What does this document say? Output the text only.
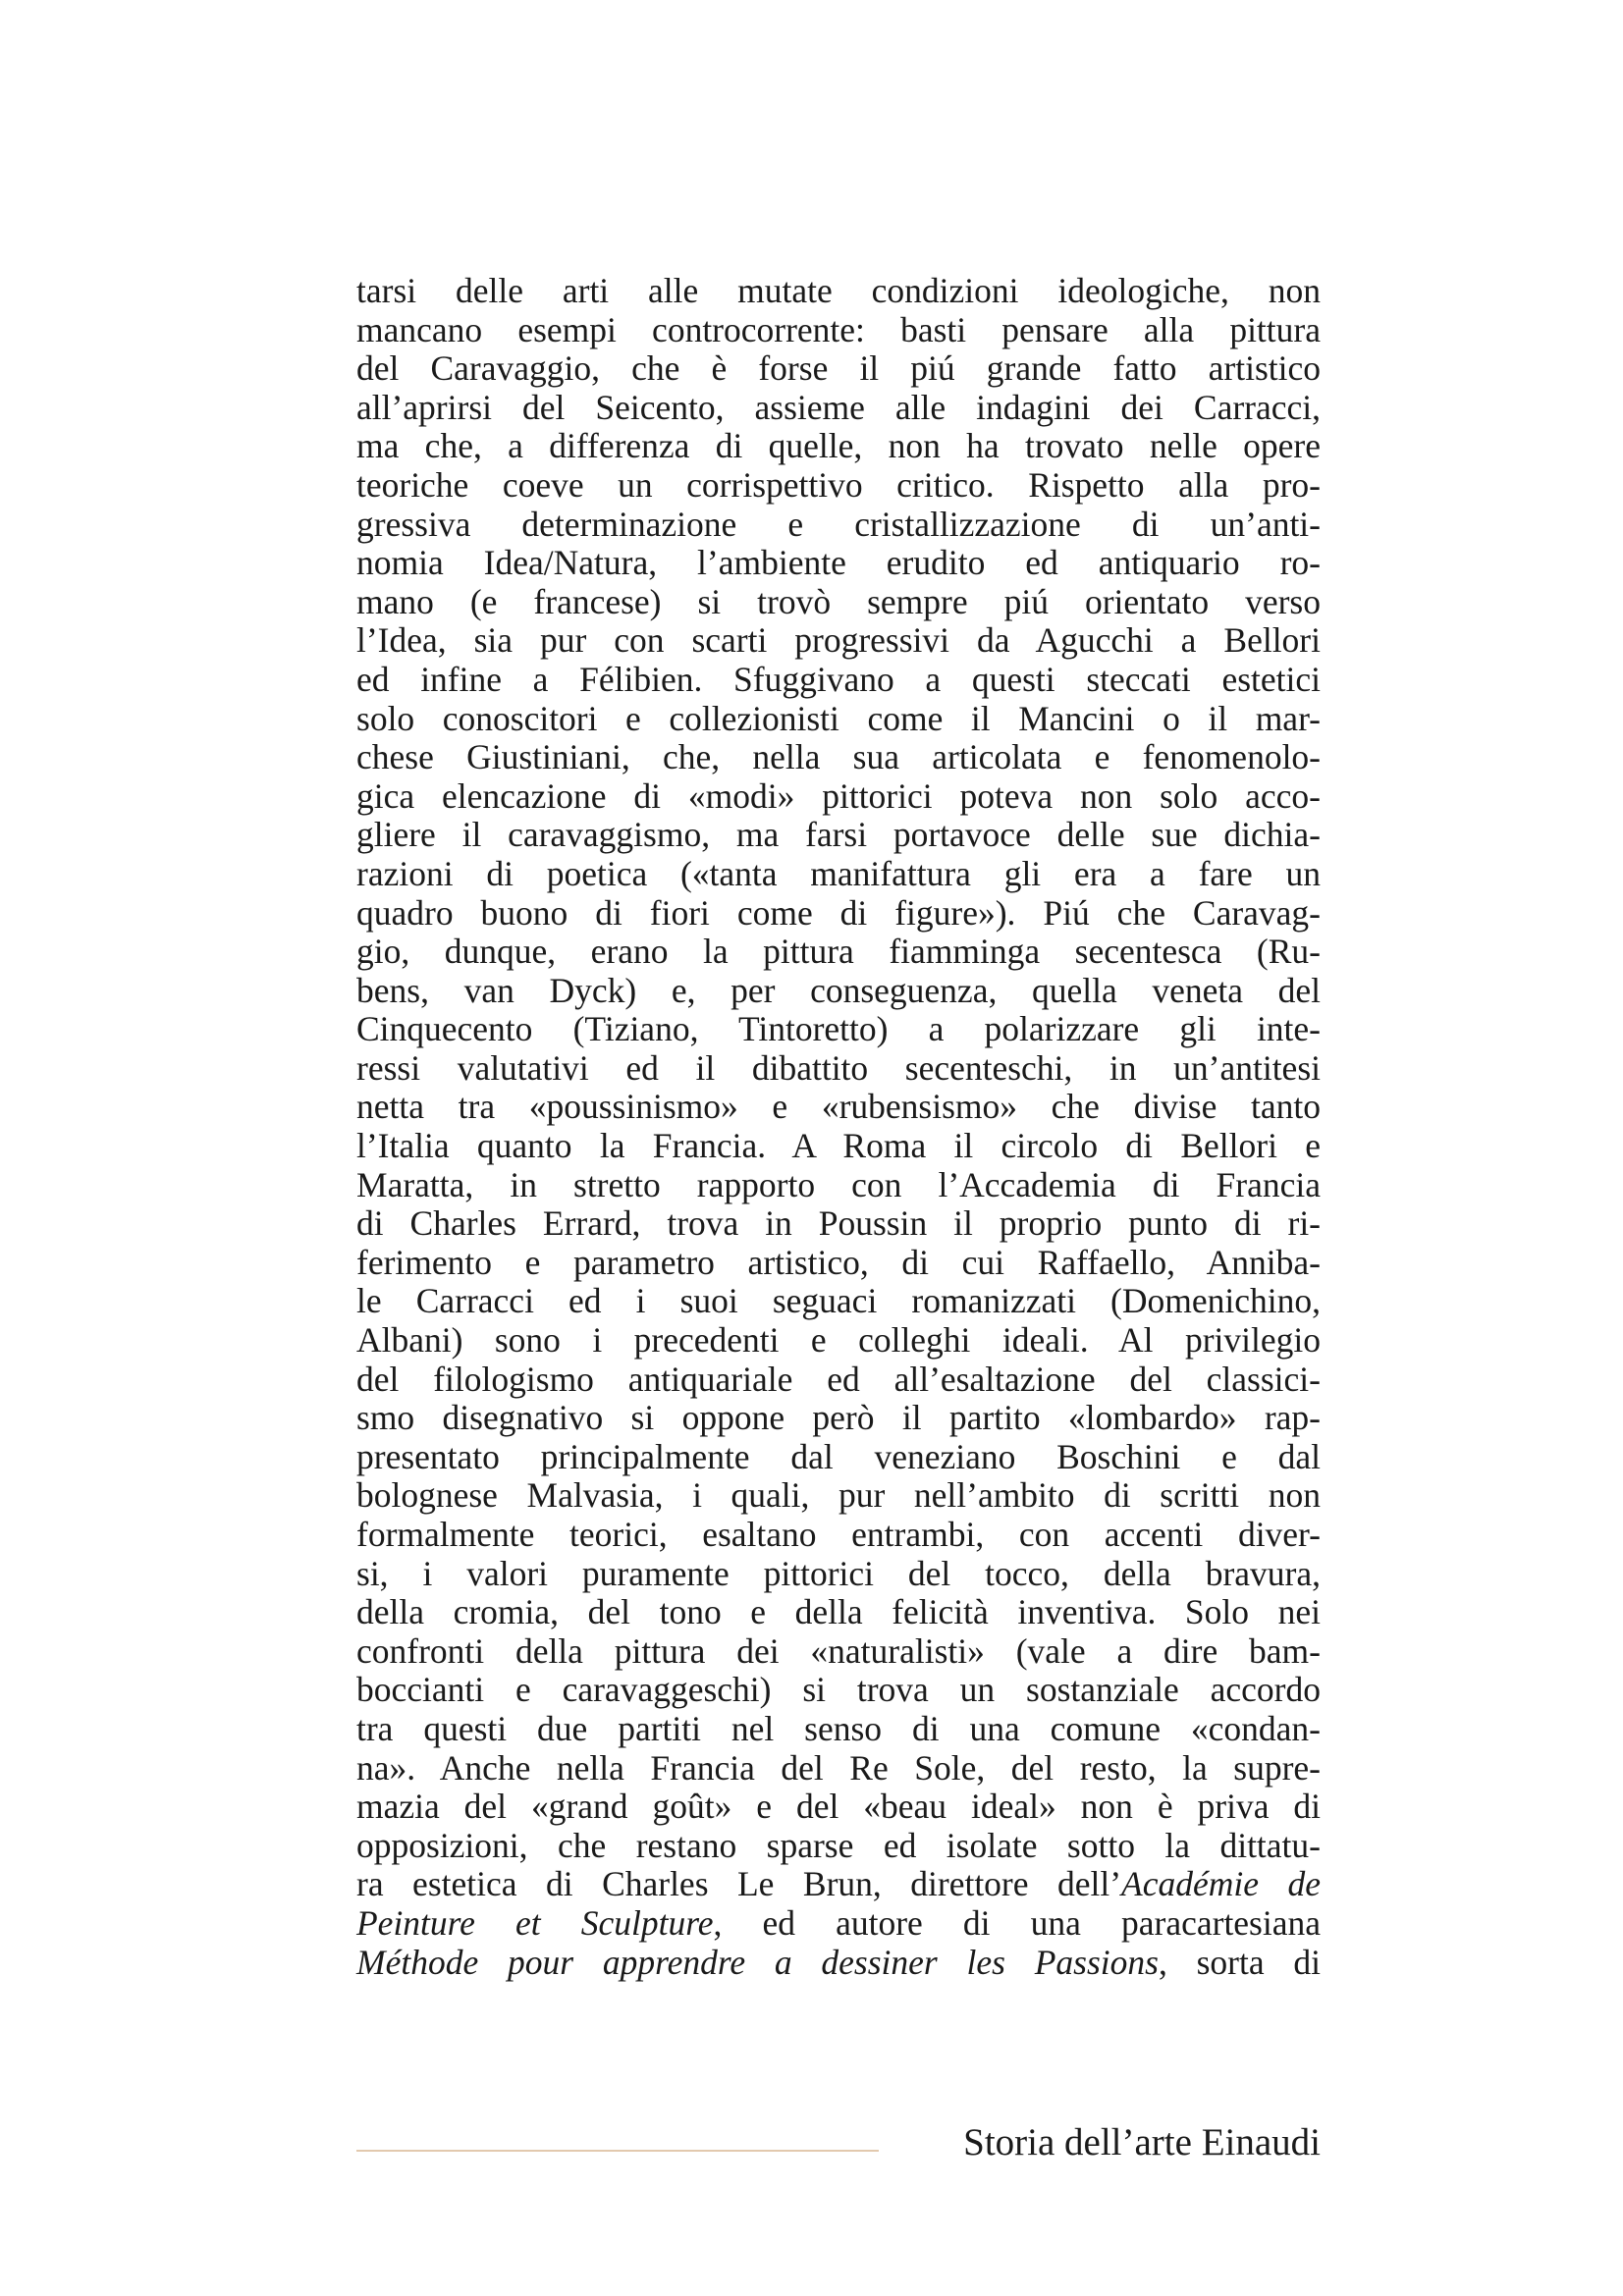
tarsi delle arti alle mutate condizioni ideologiche, non
mancano esempi controcorrente: basti pensare alla pittura
del Caravaggio, che è forse il piú grande fatto artistico
all’aprirsi del Seicento, assieme alle indagini dei Carracci,
ma che, a differenza di quelle, non ha trovato nelle opere
teoriche coeve un corrispettivo critico. Rispetto alla pro-
gressiva determinazione e cristallizzazione di un’anti-
nomia Idea/Natura, l’ambiente erudito ed antiquario ro-
mano (e francese) si trovò sempre piú orientato verso
l’Idea, sia pur con scarti progressivi da Agucchi a Bellori
ed infine a Félibien. Sfuggivano a questi steccati estetici
solo conoscitori e collezionisti come il Mancini o il mar-
chese Giustiniani, che, nella sua articolata e fenomenolo-
gica elencazione di «modi» pittorici poteva non solo acco-
gliere il caravaggismo, ma farsi portavoce delle sue dichia-
razioni di poetica («tanta manifattura gli era a fare un
quadro buono di fiori come di figure»). Piú che Caravag-
gio, dunque, erano la pittura fiamminga secentesca (Ru-
bens, van Dyck) e, per conseguenza, quella veneta del
Cinquecento (Tiziano, Tintoretto) a polarizzare gli inte-
ressi valutativi ed il dibattito secenteschi, in un’antitesi
netta tra «poussinismo» e «rubensismo» che divise tanto
l’Italia quanto la Francia. A Roma il circolo di Bellori e
Maratta, in stretto rapporto con l’Accademia di Francia
di Charles Errard, trova in Poussin il proprio punto di ri-
ferimento e parametro artistico, di cui Raffaello, Anniba-
le Carracci ed i suoi seguaci romanizzati (Domenichino,
Albani) sono i precedenti e colleghi ideali. Al privilegio
del filologismo antiquariale ed all’esaltazione del classici-
smo disegnativo si oppone però il partito «lombardo» rap-
presentato principalmente dal veneziano Boschini e dal
bolognese Malvasia, i quali, pur nell’ambito di scritti non
formalmente teorici, esaltano entrambi, con accenti diver-
si, i valori puramente pittorici del tocco, della bravura,
della cromia, del tono e della felicità inventiva. Solo nei
confronti della pittura dei «naturalisti» (vale a dire bam-
boccianti e caravaggeschi) si trova un sostanziale accordo
tra questi due partiti nel senso di una comune «condan-
na». Anche nella Francia del Re Sole, del resto, la supre-
mazia del «grand goût» e del «beau ideal» non è priva di
opposizioni, che restano sparse ed isolate sotto la dittatu-
ra estetica di Charles Le Brun, direttore dell’Académie de
Peinture et Sculpture, ed autore di una paracartesiana
Méthode pour apprendre a dessiner les Passions, sorta di
Storia dell’arte Einaudi
